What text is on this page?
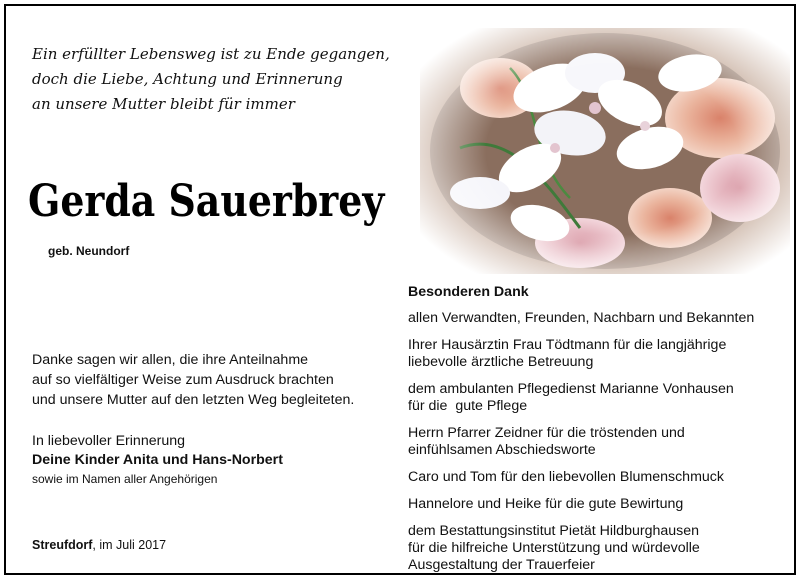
Ein erfüllter Lebensweg ist zu Ende gegangen,
doch die Liebe, Achtung und Erinnerung
an unsere Mutter bleibt für immer
Gerda Sauerbrey
geb. Neundorf
Danke sagen wir allen, die ihre Anteilnahme
auf so vielfältiger Weise zum Ausdruck brachten
und unsere Mutter auf den letzten Weg begleiteten.
In liebevoller Erinnerung
Deine Kinder Anita und Hans-Norbert
sowie im Namen aller Angehörigen
Streufdorf, im Juli 2017
Besonderen Dank
allen Verwandten, Freunden, Nachbarn und Bekannten
Ihrer Hausärztin Frau Tödtmann für die langjährige
liebevolle ärztliche Betreuung
dem ambulanten Pflegedienst Marianne Vonhausen
für die  gute Pflege
Herrn Pfarrer Zeidner für die tröstenden und
einfühlsamen Abschiedsworte
Caro und Tom für den liebevollen Blumenschmuck
Hannelore und Heike für die gute Bewirtung
dem Bestattungsinstitut Pietät Hildburghausen
für die hilfreiche Unterstützung und würdevolle
Ausgestaltung der Trauerfeier
